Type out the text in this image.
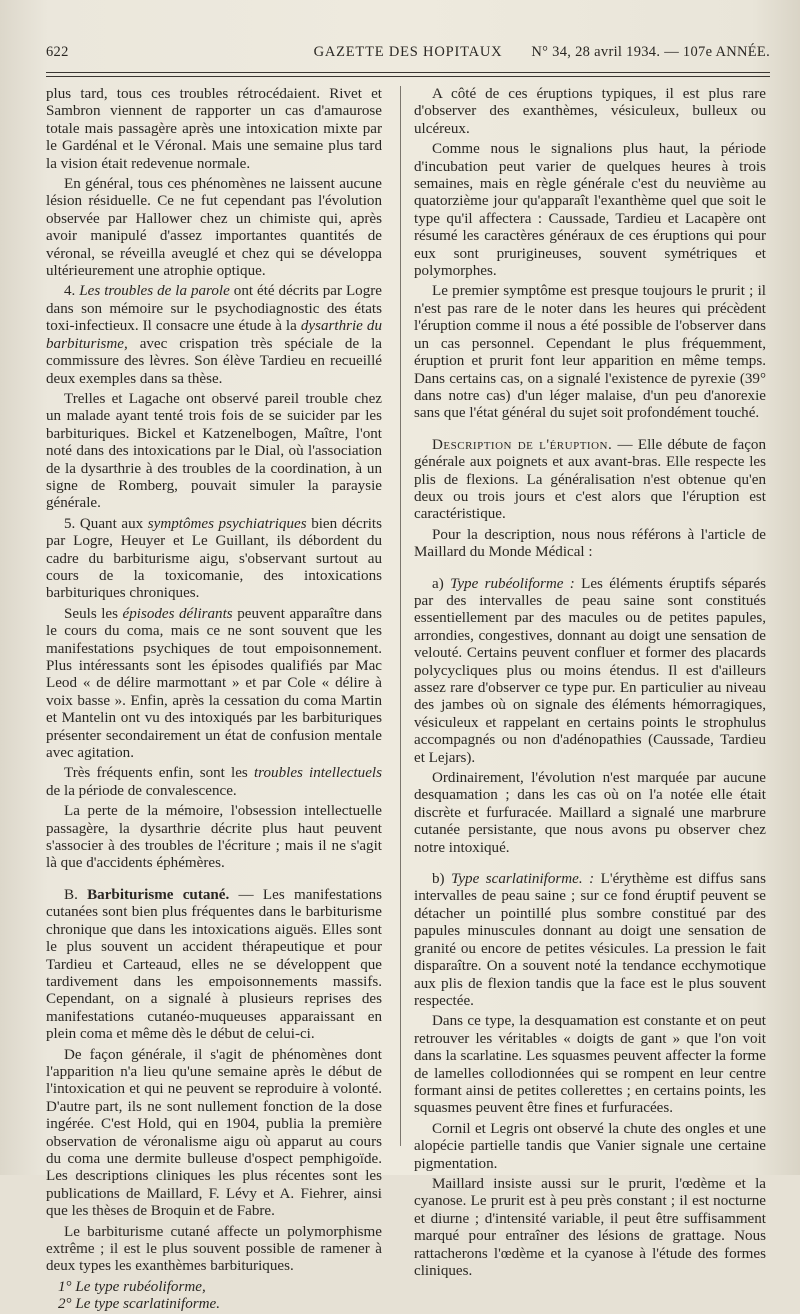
622	GAZETTE DES HOPITAUX	N° 34, 28 avril 1934. — 107e ANNÉE.

plus tard, tous ces troubles rétrocédaient. Rivet et Sambron viennent de rapporter un cas d'amaurose totale mais passagère après une intoxication mixte par le Gardénal et le Véronal. Mais une semaine plus tard la vision était redevenue normale.

En général, tous ces phénomènes ne laissent aucune lésion résiduelle. Ce ne fut cependant pas l'évolution observée par Hallower chez un chimiste qui, après avoir manipulé d'assez importantes quantités de véronal, se réveilla aveuglé et chez qui se développa ultérieurement une atrophie optique.

4. Les troubles de la parole ont été décrits par Logre dans son mémoire sur le psychodiagnostic des états toxi-infectieux. Il consacre une étude à la dysarthrie du barbiturisme, avec crispation très spéciale de la commissure des lèvres. Son élève Tardieu en recueillé deux exemples dans sa thèse.

Trelles et Lagache ont observé pareil trouble chez un malade ayant tenté trois fois de se suicider par les barbituriques. Bickel et Katzenelbogen, Maître, l'ont noté dans des intoxications par le Dial, où l'association de la dysarthrie à des troubles de la coordination, à un signe de Romberg, pouvait simuler la paraysie générale.

5. Quant aux symptômes psychiatriques bien décrits par Logre, Heuyer et Le Guillant, ils débordent du cadre du barbiturisme aigu, s'observant surtout au cours de la toxicomanie, des intoxications barbituriques chroniques.

Seuls les épisodes délirants peuvent apparaître dans le cours du coma, mais ce ne sont souvent que les manifestations psychiques de tout empoisonnement. Plus intéressants sont les épisodes qualifiés par Mac Leod « de délire marmottant » et par Cole « délire à voix basse ». Enfin, après la cessation du coma Martin et Mantelin ont vu des intoxiqués par les barbituriques présenter secondairement un état de confusion mentale avec agitation.

Très fréquents enfin, sont les troubles intellectuels de la période de convalescence.

La perte de la mémoire, l'obsession intellectuelle passagère, la dysarthrie décrite plus haut peuvent s'associer à des troubles de l'écriture ; mais il ne s'agit là que d'accidents éphémères.

B. Barbiturisme cutané. — Les manifestations cutanées sont bien plus fréquentes dans le barbiturisme chronique que dans les intoxications aiguës. Elles sont le plus souvent un accident thérapeutique et pour Tardieu et Carteaud, elles ne se développent que tardivement dans les empoisonnements massifs. Cependant, on a signalé à plusieurs reprises des manifestations cutanéo-muqueuses apparaissant en plein coma et même dès le début de celui-ci.

De façon générale, il s'agit de phénomènes dont l'apparition n'a lieu qu'une semaine après le début de l'intoxication et qui ne peuvent se reproduire à volonté. D'autre part, ils ne sont nullement fonction de la dose ingérée. C'est Hold, qui en 1904, publia la première observation de véronalisme aigu où apparut au cours du coma une dermite bulleuse d'ospect pemphigoïde. Les descriptions cliniques les plus récentes sont les publications de Maillard, F. Lévy et A. Fiehrer, ainsi que les thèses de Broquin et de Fabre.

Le barbiturisme cutané affecte un polymorphisme extrême ; il est le plus souvent possible de ramener à deux types les exanthèmes barbituriques.

1° Le type rubéoliforme,

2° Le type scarlatiniforme.

A côté de ces éruptions typiques, il est plus rare d'observer des exanthèmes, vésiculeux, bulleux ou ulcéreux.

Comme nous le signalions plus haut, la période d'incubation peut varier de quelques heures à trois semaines, mais en règle générale c'est du neuvième au quatorzième jour qu'apparaît l'exanthème quel que soit le type qu'il affectera : Caussade, Tardieu et Lacapère ont résumé les caractères généraux de ces éruptions qui pour eux sont prurigineuses, souvent symétriques et polymorphes.

Le premier symptôme est presque toujours le prurit ; il n'est pas rare de le noter dans les heures qui précèdent l'éruption comme il nous a été possible de l'observer dans un cas personnel. Cependant le plus fréquemment, éruption et prurit font leur apparition en même temps. Dans certains cas, on a signalé l'existence de pyrexie (39° dans notre cas) d'un léger malaise, d'un peu d'anorexie sans que l'état général du sujet soit profondément touché.

Description de l'éruption. — Elle débute de façon générale aux poignets et aux avant-bras. Elle respecte les plis de flexions. La généralisation n'est obtenue qu'en deux ou trois jours et c'est alors que l'éruption est caractéristique.

Pour la description, nous nous référons à l'article de Maillard du Monde Médical :

a) Type rubéoliforme : Les éléments éruptifs séparés par des intervalles de peau saine sont constitués essentiellement par des macules ou de petites papules, arrondies, congestives, donnant au doigt une sensation de velouté. Certains peuvent confluer et former des placards polycycliques plus ou moins étendus. Il est d'ailleurs assez rare d'observer ce type pur. En particulier au niveau des jambes où on signale des éléments hémorragiques, vésiculeux et rappelant en certains points le strophulus accompagnés ou non d'adénopathies (Caussade, Tardieu et Lejars).

Ordinairement, l'évolution n'est marquée par aucune desquamation ; dans les cas où on l'a notée elle était discrète et furfuracée. Maillard a signalé une marbrure cutanée persistante, que nous avons pu observer chez notre intoxiqué.

b) Type scarlatiniforme. : L'érythème est diffus sans intervalles de peau saine ; sur ce fond éruptif peuvent se détacher un pointillé plus sombre constitué par des papules minuscules donnant au doigt une sensation de granité ou encore de petites vésicules. La pression le fait disparaître. On a souvent noté la tendance ecchymotique aux plis de flexion tandis que la face est le plus souvent respectée.

Dans ce type, la desquamation est constante et on peut retrouver les véritables « doigts de gant » que l'on voit dans la scarlatine. Les squasmes peuvent affecter la forme de lamelles collodionnées qui se rompent en leur centre formant ainsi de petites collerettes ; en certains points, les squasmes peuvent être fines et furfuracées.

Cornil et Legris ont observé la chute des ongles et une alopécie partielle tandis que Vanier signale une certaine pigmentation.

Maillard insiste aussi sur le prurit, l'œdème et la cyanose. Le prurit est à peu près constant ; il est nocturne et diurne ; d'intensité variable, il peut être suffisamment marqué pour entraîner des lésions de grattage. Nous rattacherons l'œdème et la cyanose à l'étude des formes cliniques.
